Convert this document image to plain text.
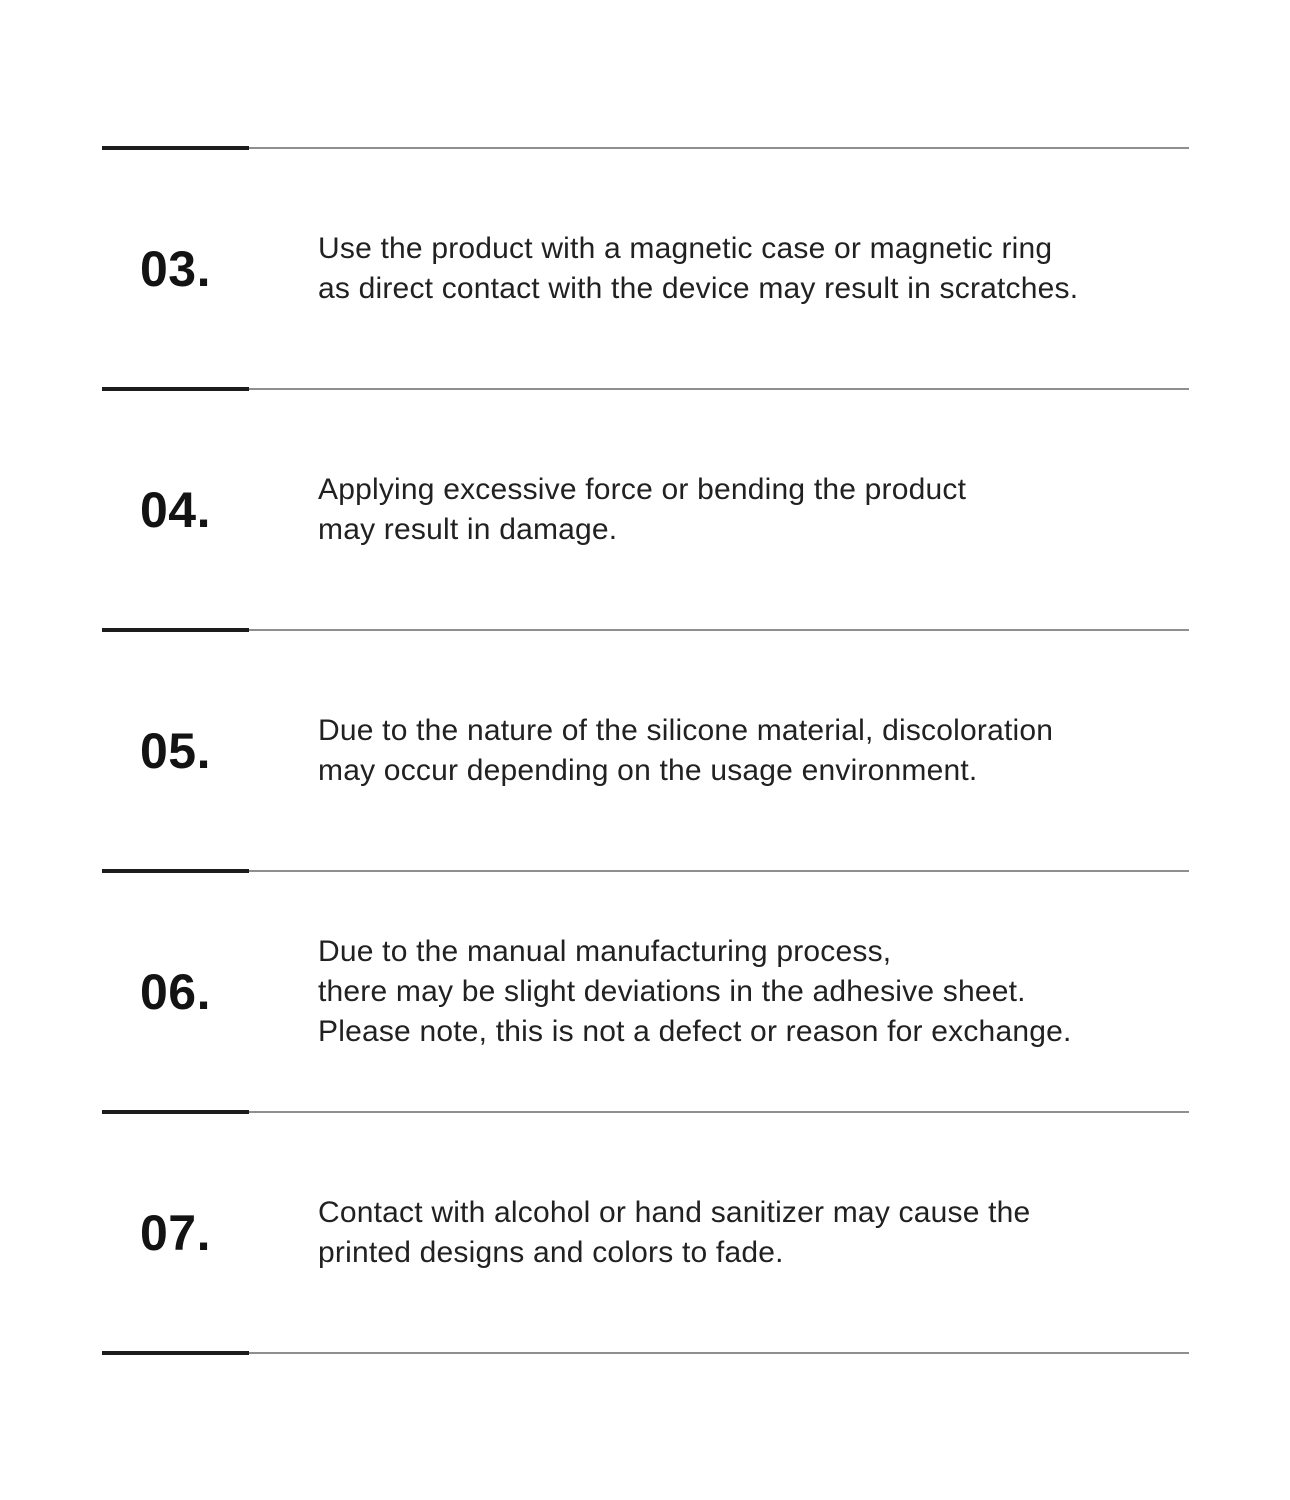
03.	Use the product with a magnetic case or magnetic ring
as direct contact with the device may result in scratches.
04.	Applying excessive force or bending the product
may result in damage.
05.	Due to the nature of the silicone material, discoloration
may occur depending on the usage environment.
06.
Due to the manual manufacturing process,
there may be slight deviations in the adhesive sheet.
Please note, this is not a defect or reason for exchange.
07.	Contact with alcohol or hand sanitizer may cause the
printed designs and colors to fade.
